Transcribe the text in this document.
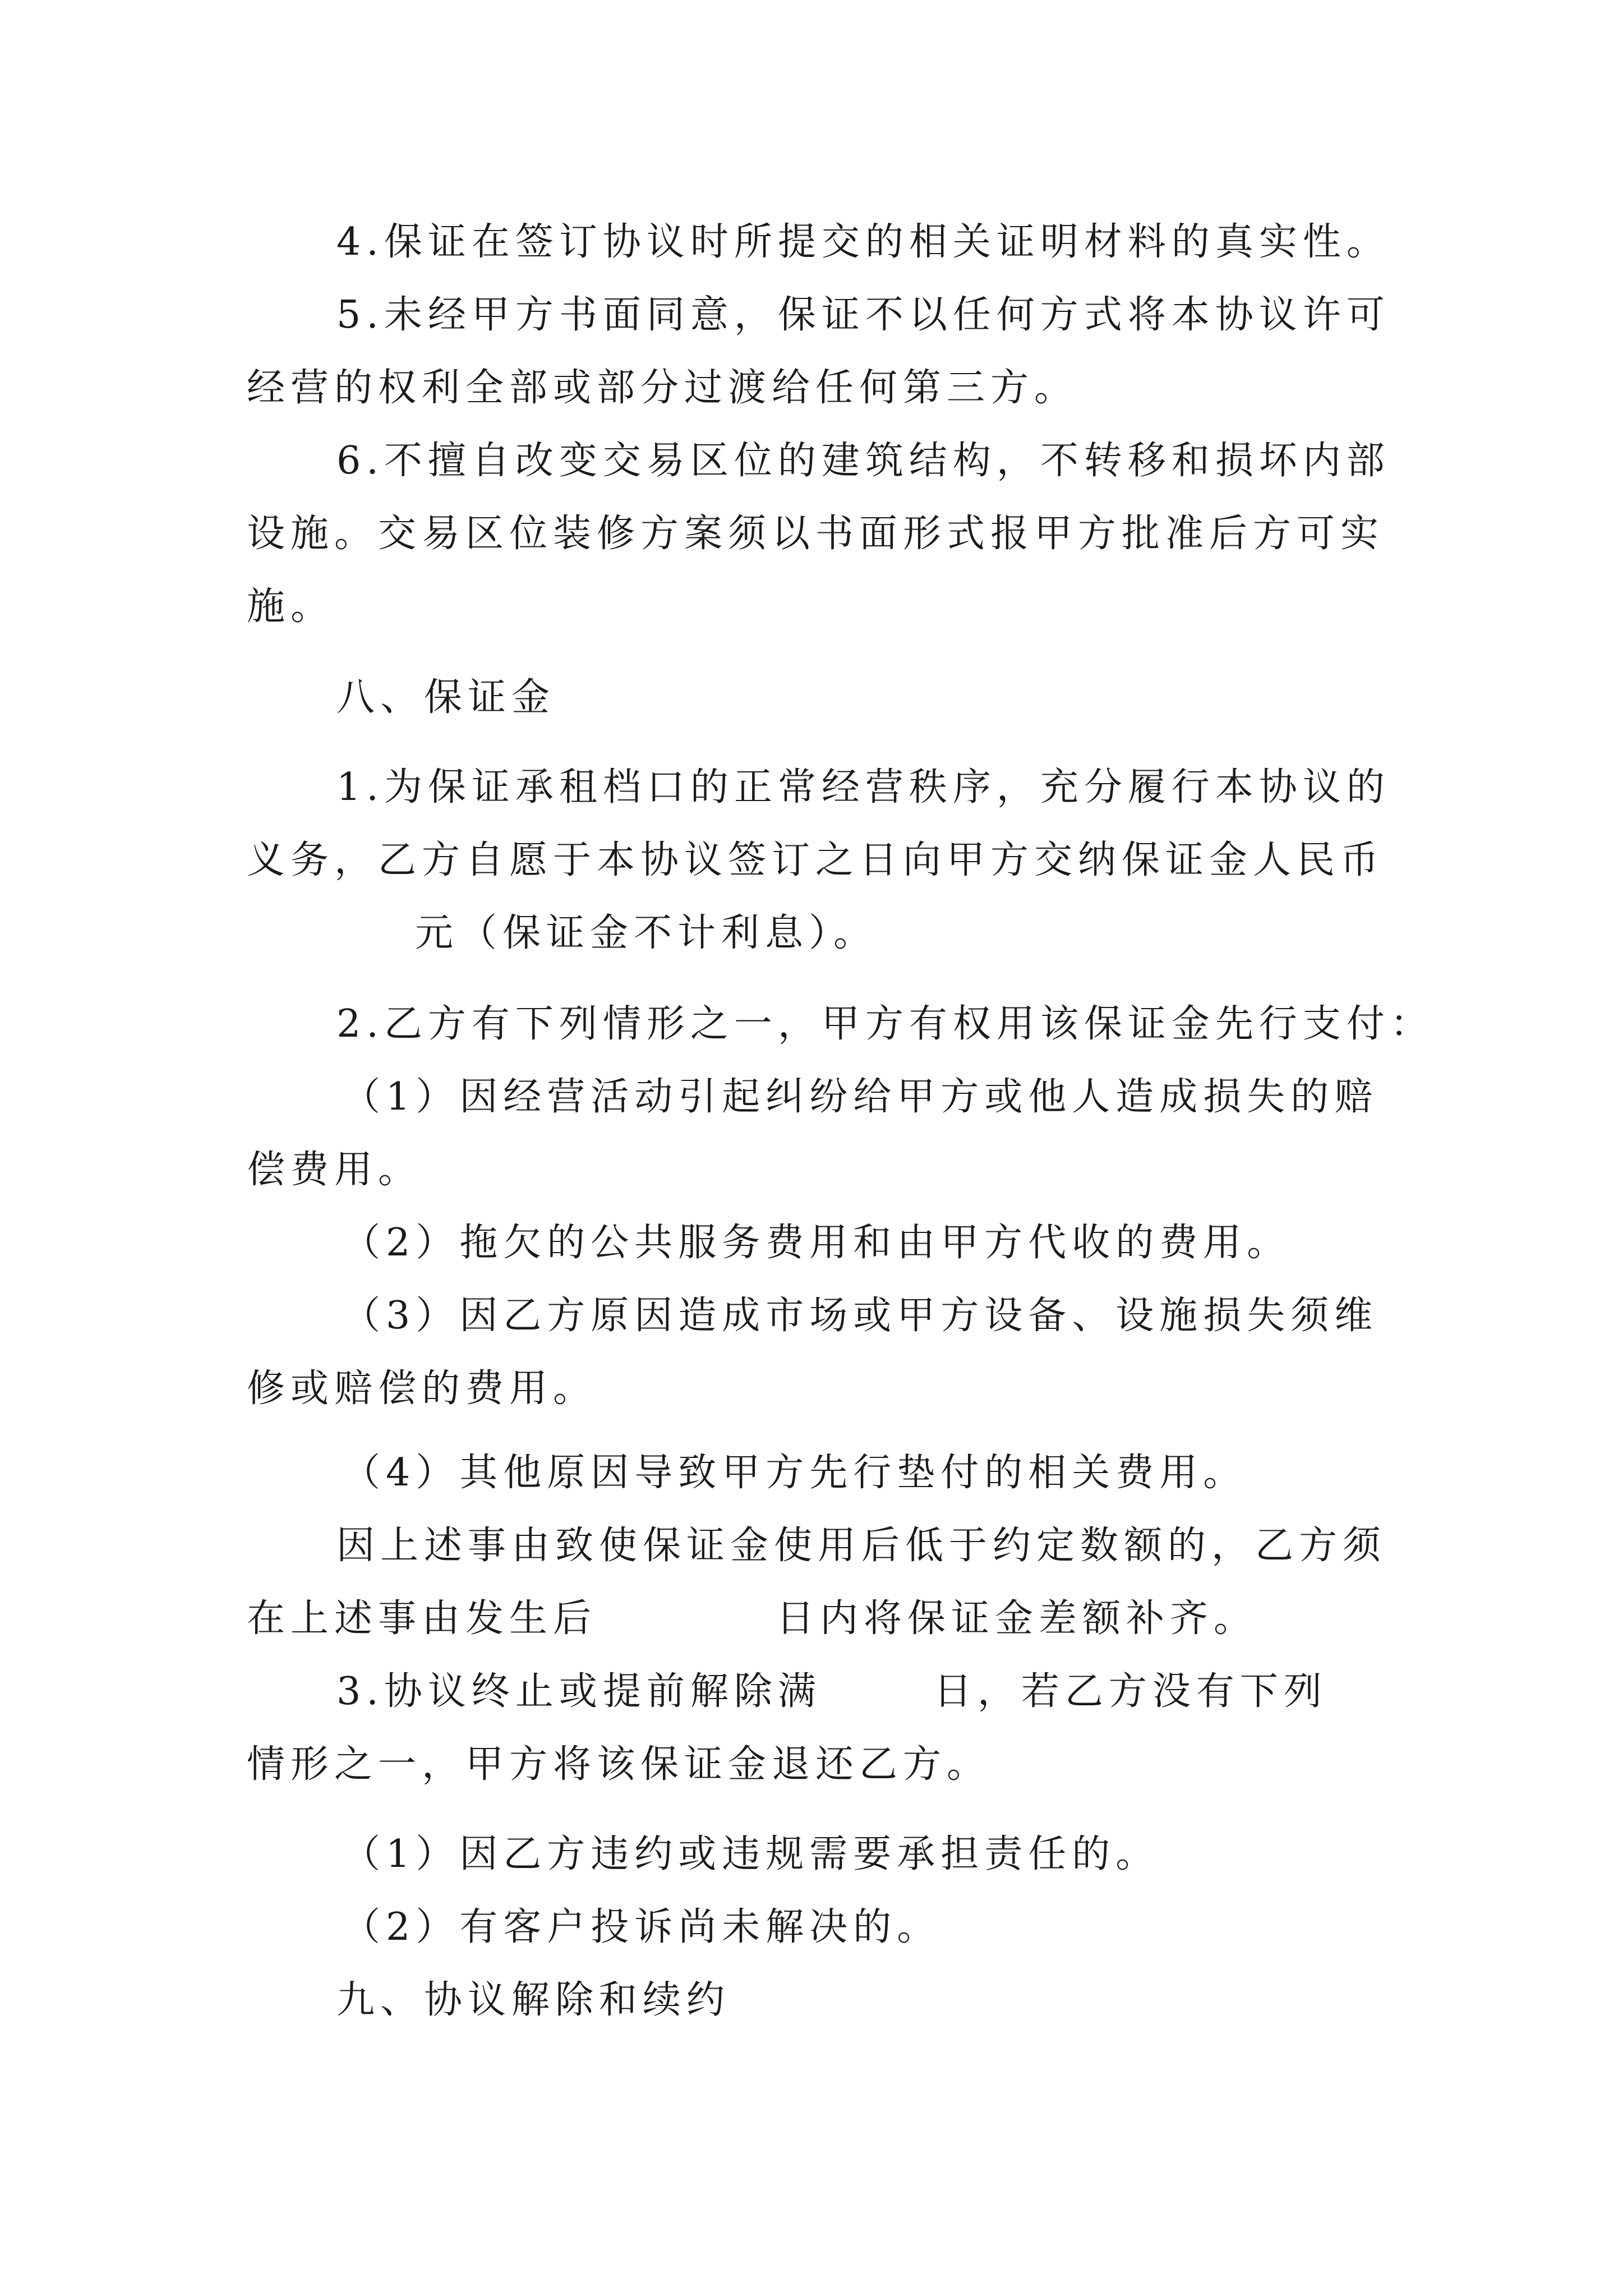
4.保证在签订协议时所提交的相关证明材料的真实性。
5.未经甲方书面同意，保证不以任何方式将本协议许可
经营的权利全部或部分过渡给任何第三方。
6.不擅自改变交易区位的建筑结构，不转移和损坏内部
设施。交易区位装修方案须以书面形式报甲方批准后方可实
施。
八、保证金
1.为保证承租档口的正常经营秩序，充分履行本协议的
义务，乙方自愿于本协议签订之日向甲方交纳保证金人民币
元（保证金不计利息）。
2.乙方有下列情形之一，甲方有权用该保证金先行支付：
（1）因经营活动引起纠纷给甲方或他人造成损失的赔
偿费用。
（2）拖欠的公共服务费用和由甲方代收的费用。
（3）因乙方原因造成市场或甲方设备、设施损失须维
修或赔偿的费用。
（4）其他原因导致甲方先行垫付的相关费用。
因上述事由致使保证金使用后低于约定数额的，乙方须
在上述事由发生后	日内将保证金差额补齐。
3.协议终止或提前解除满	日，若乙方没有下列
情形之一，甲方将该保证金退还乙方。
（1）因乙方违约或违规需要承担责任的。
（2）有客户投诉尚未解决的。
九、协议解除和续约
